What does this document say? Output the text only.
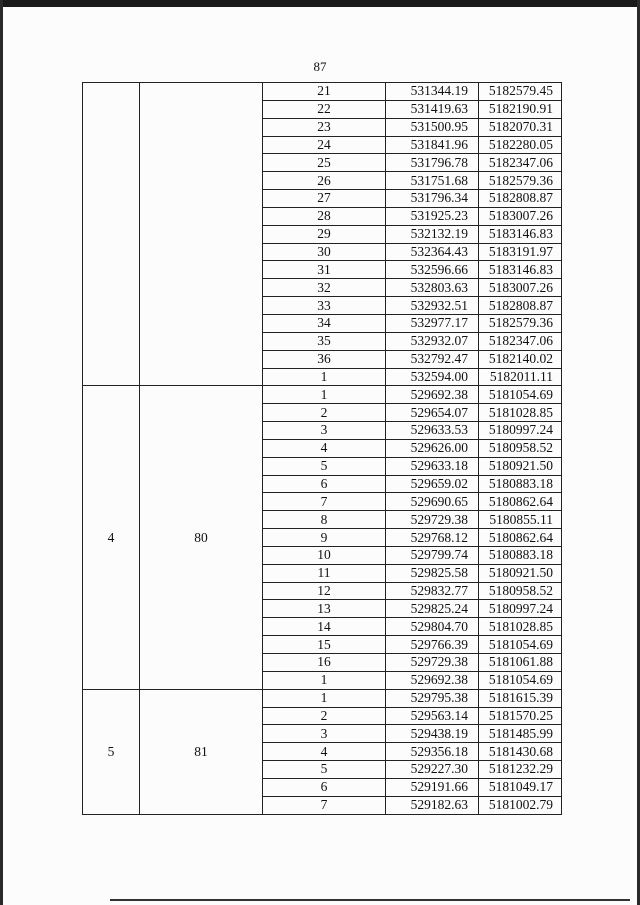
87
		21	531344.19	5182579.45
		22	531419.63	5182190.91
		23	531500.95	5182070.31
		24	531841.96	5182280.05
		25	531796.78	5182347.06
		26	531751.68	5182579.36
		27	531796.34	5182808.87
		28	531925.23	5183007.26
		29	532132.19	5183146.83
		30	532364.43	5183191.97
		31	532596.66	5183146.83
		32	532803.63	5183007.26
		33	532932.51	5182808.87
		34	532977.17	5182579.36
		35	532932.07	5182347.06
		36	532792.47	5182140.02
		1	532594.00	5182011.11
4	80	1	529692.38	5181054.69
		2	529654.07	5181028.85
		3	529633.53	5180997.24
		4	529626.00	5180958.52
		5	529633.18	5180921.50
		6	529659.02	5180883.18
		7	529690.65	5180862.64
		8	529729.38	5180855.11
		9	529768.12	5180862.64
		10	529799.74	5180883.18
		11	529825.58	5180921.50
		12	529832.77	5180958.52
		13	529825.24	5180997.24
		14	529804.70	5181028.85
		15	529766.39	5181054.69
		16	529729.38	5181061.88
		1	529692.38	5181054.69
5	81	1	529795.38	5181615.39
		2	529563.14	5181570.25
		3	529438.19	5181485.99
		4	529356.18	5181430.68
		5	529227.30	5181232.29
		6	529191.66	5181049.17
		7	529182.63	5181002.79
